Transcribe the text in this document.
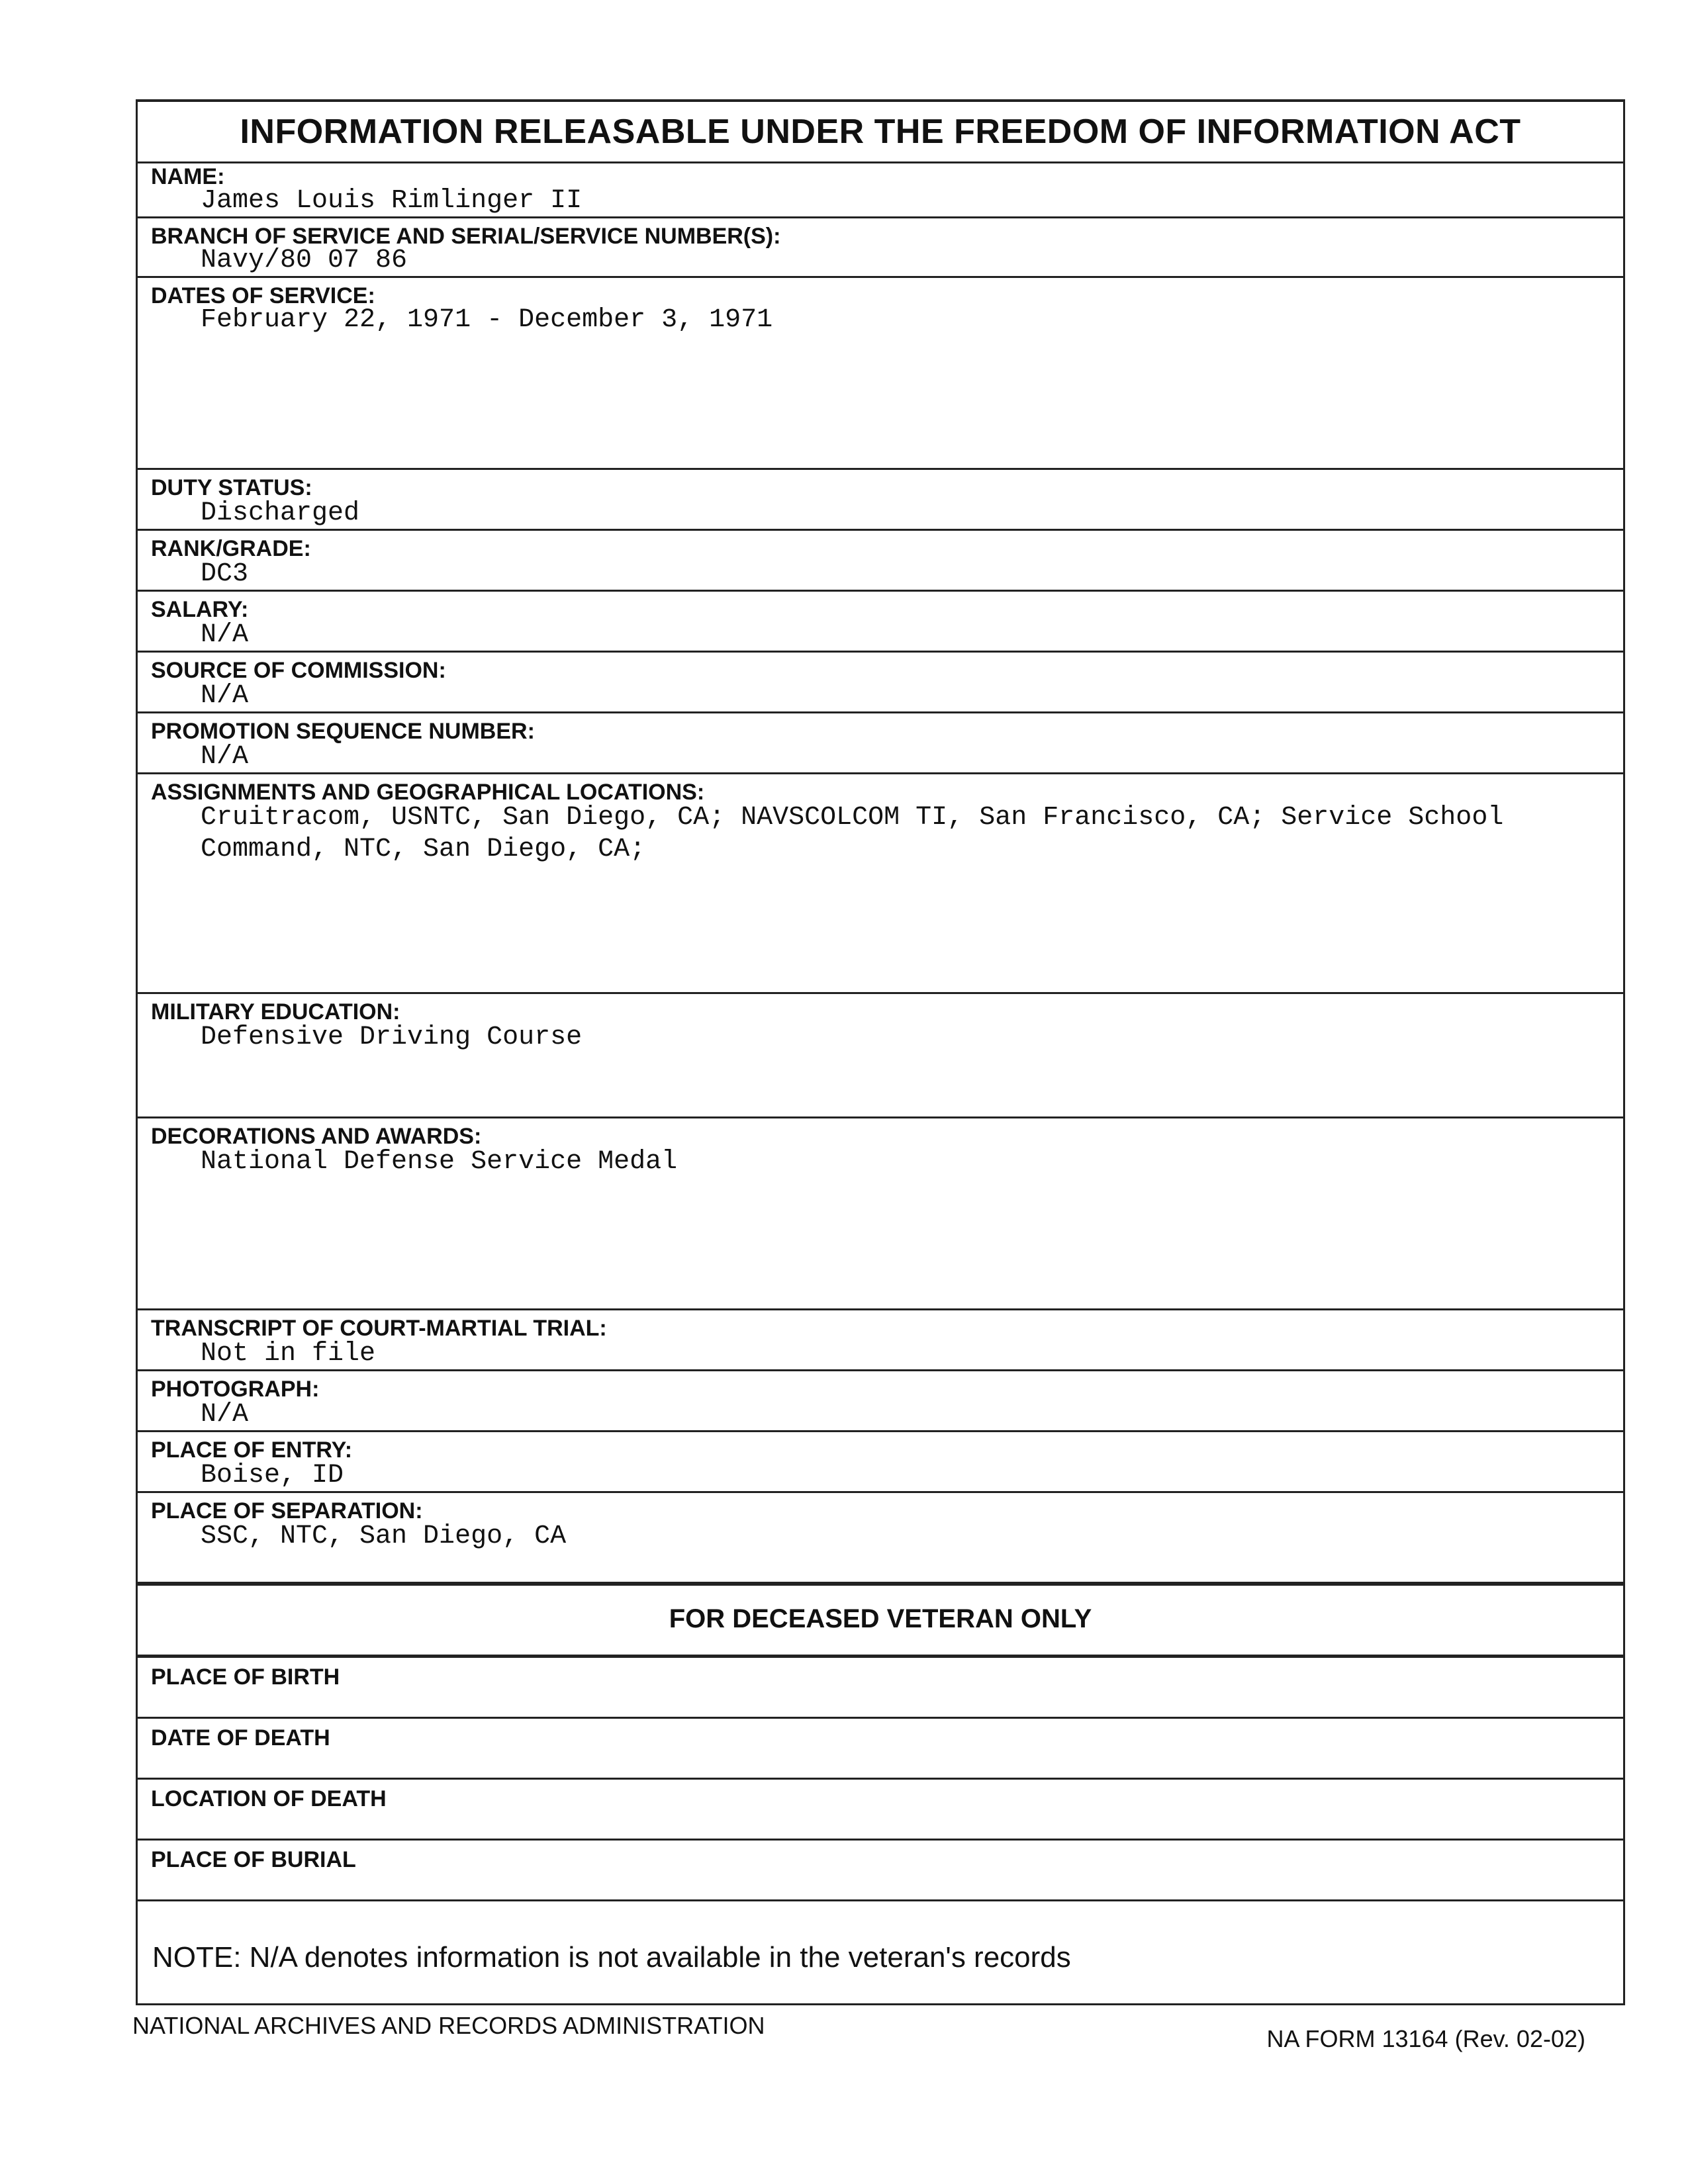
INFORMATION RELEASABLE UNDER THE FREEDOM OF INFORMATION ACT
NAME:
James Louis Rimlinger II
BRANCH OF SERVICE AND SERIAL/SERVICE NUMBER(S):
Navy/80 07 86
DATES OF SERVICE:
February 22, 1971 - December 3, 1971
DUTY STATUS:
Discharged
RANK/GRADE:
DC3
SALARY:
N/A
SOURCE OF COMMISSION:
N/A
PROMOTION SEQUENCE NUMBER:
N/A
ASSIGNMENTS AND GEOGRAPHICAL LOCATIONS:
Cruitracom, USNTC, San Diego, CA; NAVSCOLCOM TI, San Francisco, CA; Service School Command, NTC, San Diego, CA;
MILITARY EDUCATION:
Defensive Driving Course
DECORATIONS AND AWARDS:
National Defense Service Medal
TRANSCRIPT OF COURT-MARTIAL TRIAL:
Not in file
PHOTOGRAPH:
N/A
PLACE OF ENTRY:
Boise, ID
PLACE OF SEPARATION:
SSC, NTC, San Diego, CA
FOR DECEASED VETERAN ONLY
PLACE OF BIRTH
DATE OF DEATH
LOCATION OF DEATH
PLACE OF BURIAL
NOTE: N/A denotes information is not available in the veteran's records
NATIONAL ARCHIVES AND RECORDS ADMINISTRATION	NA FORM 13164 (Rev. 02-02)
